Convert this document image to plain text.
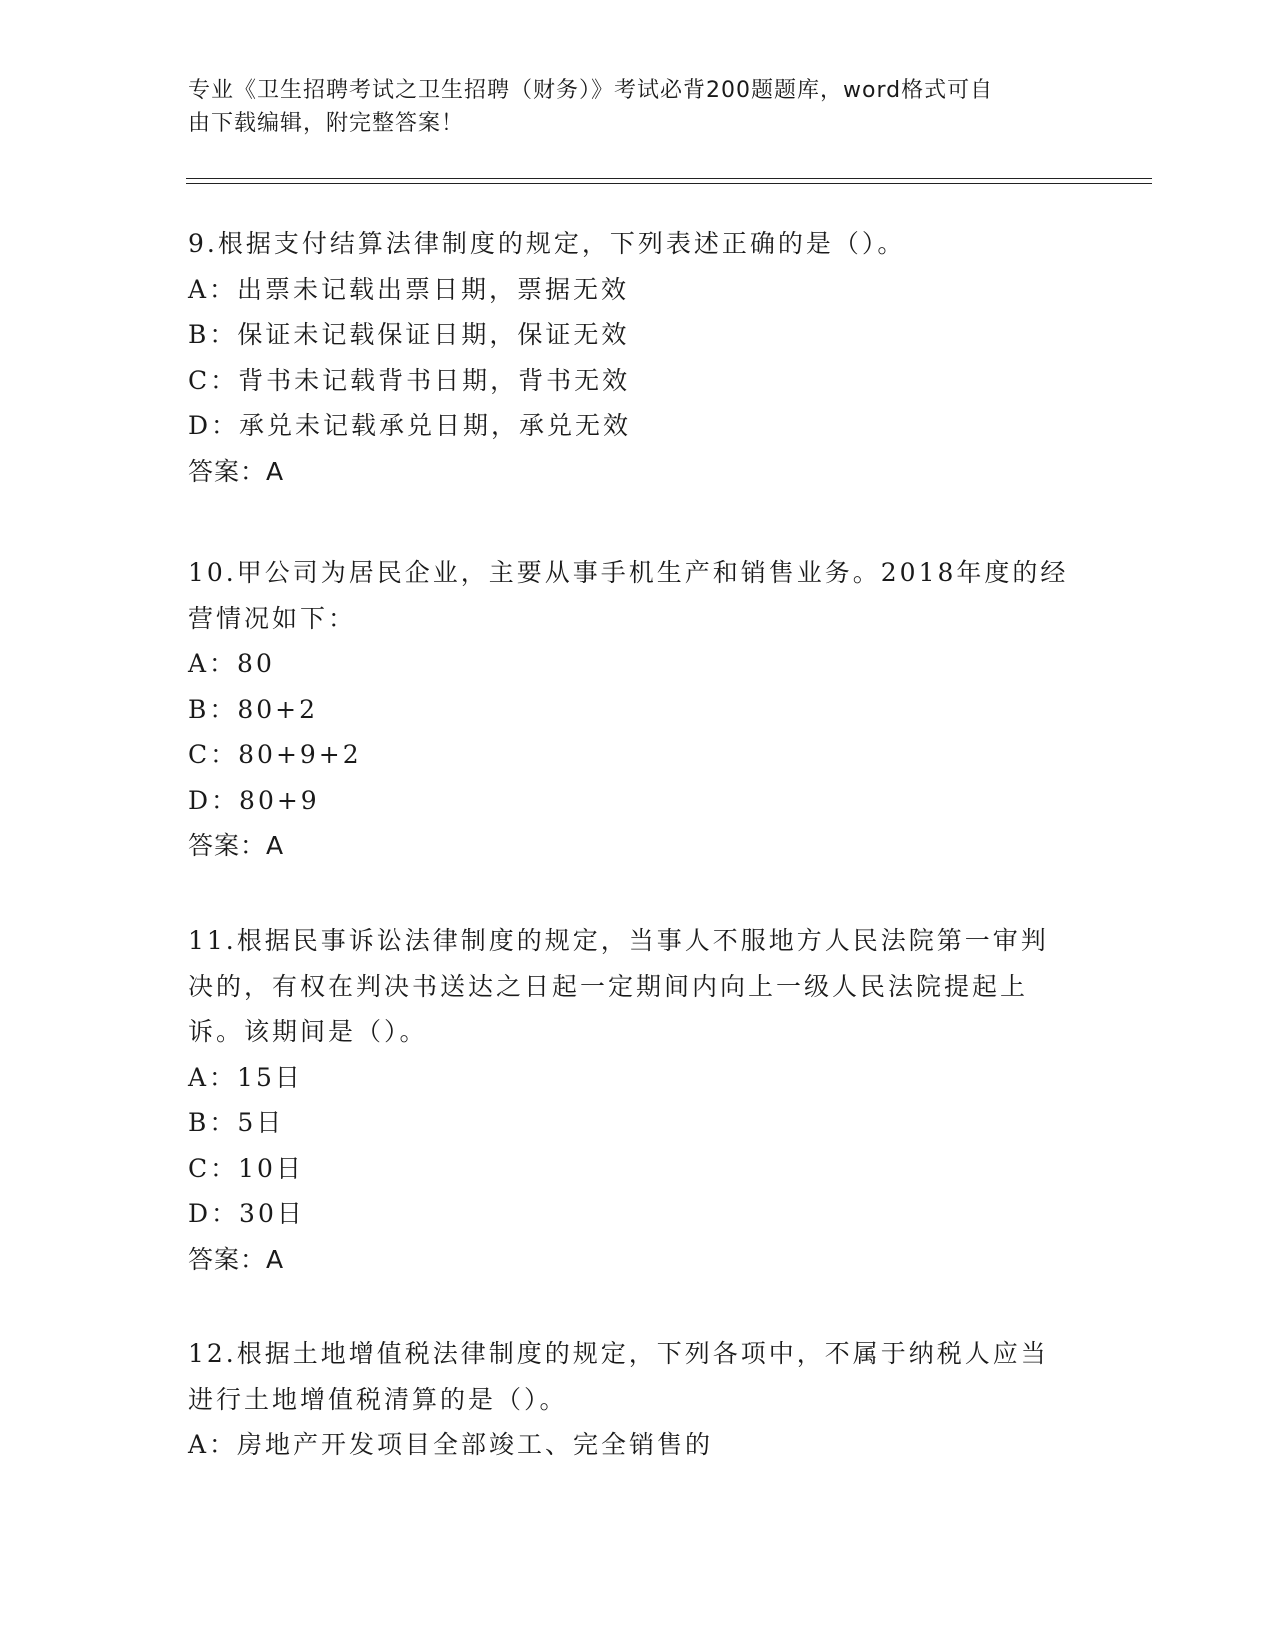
专业《卫生招聘考试之卫生招聘（财务）》考试必背200题题库，word格式可自
由下载编辑，附完整答案！
9.根据支付结算法律制度的规定，下列表述正确的是（）。
A：出票未记载出票日期，票据无效
B：保证未记载保证日期，保证无效
C：背书未记载背书日期，背书无效
D：承兑未记载承兑日期，承兑无效
答案：A
10.甲公司为居民企业，主要从事手机生产和销售业务。2018年度的经
营情况如下：
A：80
B：80+2
C：80+9+2
D：80+9
答案：A
11.根据民事诉讼法律制度的规定，当事人不服地方人民法院第一审判
决的，有权在判决书送达之日起一定期间内向上一级人民法院提起上
诉。该期间是（）。
A：15日
B：5日
C：10日
D：30日
答案：A
12.根据土地增值税法律制度的规定，下列各项中，不属于纳税人应当
进行土地增值税清算的是（）。
A：房地产开发项目全部竣工、完全销售的
